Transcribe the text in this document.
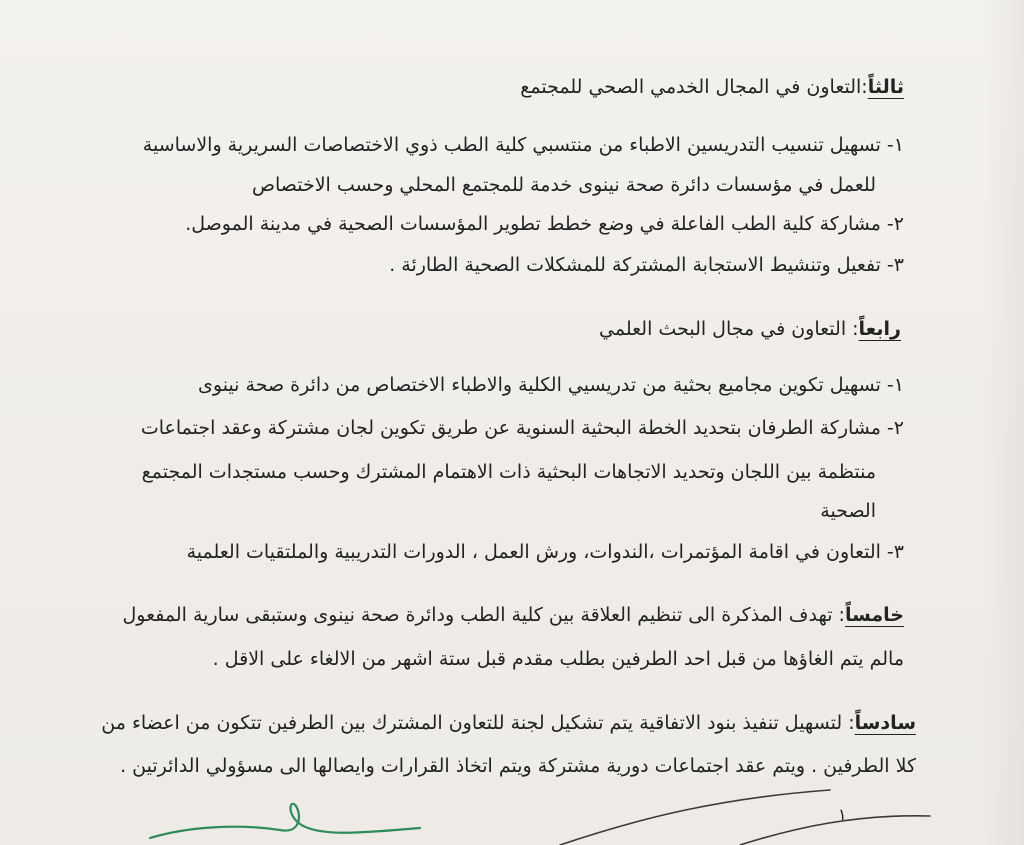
ثالثاً:التعاون في المجال الخدمي الصحي للمجتمع
١-تسهيل تنسيب التدريسين الاطباء من منتسبي كلية الطب ذوي الاختصاصات السريرية والاساسية
للعمل في مؤسسات دائرة صحة نينوى خدمة للمجتمع المحلي وحسب الاختصاص
٢-مشاركة كلية الطب الفاعلة في وضع خطط تطوير المؤسسات الصحية في مدينة الموصل.
٣-تفعيل وتنشيط الاستجابة المشتركة للمشكلات الصحية الطارئة .
رابعاً: التعاون في مجال البحث العلمي
١-تسهيل تكوين مجاميع بحثية من تدريسيي الكلية والاطباء الاختصاص من دائرة صحة نينوى
٢-مشاركة الطرفان بتحديد الخطة البحثية السنوية عن طريق تكوين لجان مشتركة وعقد اجتماعات
منتظمة بين اللجان وتحديد الاتجاهات البحثية ذات الاهتمام المشترك وحسب مستجدات المجتمع
الصحية
٣-التعاون في اقامة المؤتمرات ،الندوات، ورش العمل ، الدورات التدريبية والملتقيات العلمية
خامساً: تهدف المذكرة الى تنظيم العلاقة بين كلية الطب ودائرة صحة نينوى وستبقى سارية المفعول
مالم يتم الغاؤها من قبل احد الطرفين بطلب مقدم قبل ستة اشهر من الالغاء على الاقل .
سادساً: لتسهيل تنفيذ بنود الاتفاقية يتم تشكيل لجنة للتعاون المشترك بين الطرفين تتكون من اعضاء من
كلا الطرفين . ويتم عقد اجتماعات دورية مشتركة ويتم اتخاذ القرارات وايصالها الى مسؤولي الدائرتين .
١
